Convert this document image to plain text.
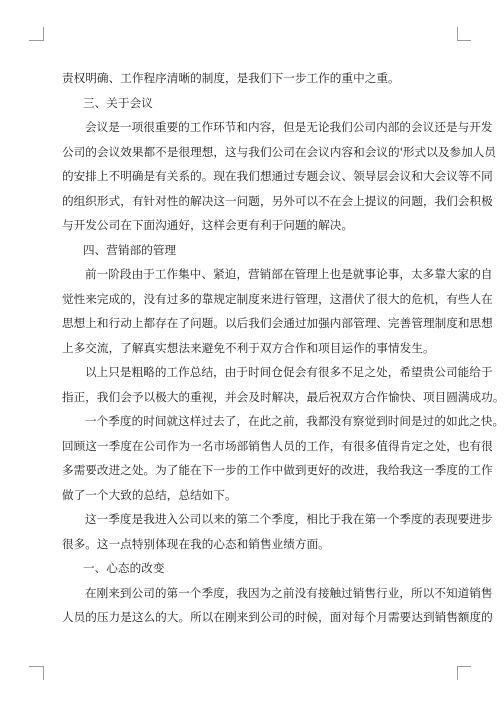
责权明确、工作程序清晰的制度，是我们下一步工作的重中之重。
三、关于会议
会议是一项很重要的工作环节和内容，但是无论我们公司内部的会议还是与开发
公司的会议效果都不是很理想，这与我们公司在会议内容和会议的'形式以及参加人员
的安排上不明确是有关系的。现在我们想通过专题会议、领导层会议和大会议等不同
的组织形式，有针对性的解决这一问题，另外可以不在会上提议的问题，我们会积极
与开发公司在下面沟通好，这样会更有利于问题的解决。
四、营销部的管理
前一阶段由于工作集中、紧迫，营销部在管理上也是就事论事，太多靠大家的自
觉性来完成的，没有过多的靠规定制度来进行管理，这潜伏了很大的危机，有些人在
思想上和行动上都存在了问题。以后我们会通过加强内部管理、完善管理制度和思想
上多交流，了解真实想法来避免不利于双方合作和项目运作的事情发生。
以上只是粗略的工作总结，由于时间仓促会有很多不足之处，希望贵公司能给于
指正，我们会予以极大的重视，并会及时解决，最后祝双方合作愉快、项目圆满成功。
一个季度的时间就这样过去了，在此之前，我都没有察觉到时间是过的如此之快。
回顾这一季度在公司作为一名市场部销售人员的工作，有很多值得肯定之处，也有很
多需要改进之处。为了能在下一步的工作中做到更好的改进，我给我这一季度的工作
做了一个大致的总结，总结如下。
这一季度是我进入公司以来的第二个季度，相比于我在第一个季度的表现要进步
很多。这一点特别体现在我的心态和销售业绩方面。
一、心态的改变
在刚来到公司的第一个季度，我因为之前没有接触过销售行业，所以不知道销售
人员的压力是这么的大。所以在刚来到公司的时候，面对每个月需要达到销售额度的
